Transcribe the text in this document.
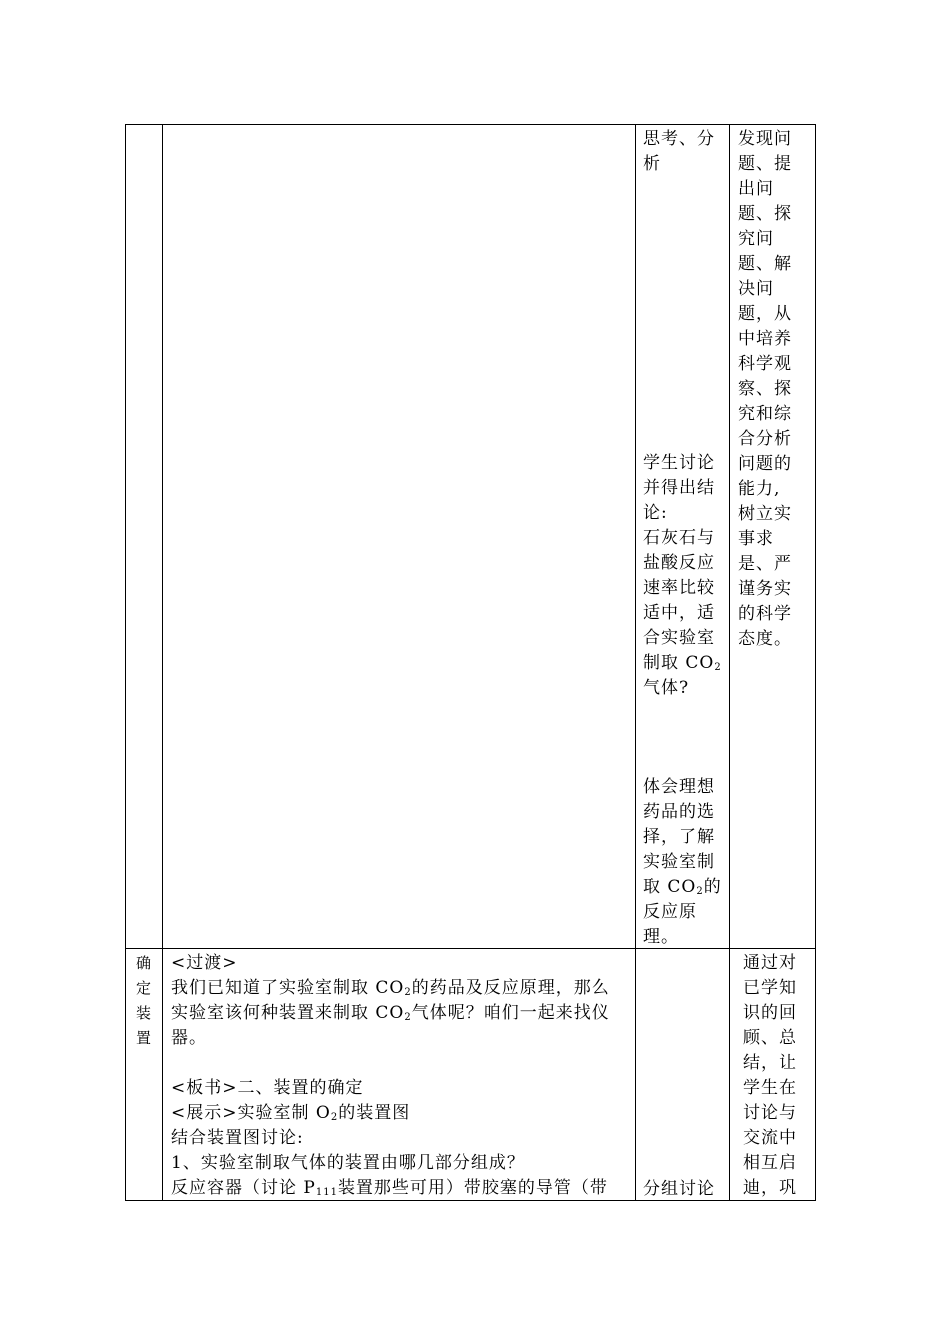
思考、分
析
学生讨论
并得出结
论:
石灰石与
盐酸反应
速率比较
适中，适
合实验室
制取 $CO_2$
气体?
体会理想
药品的选
择，了解
实验室制
取 $CO_2$的
反应原
理。
发现问
题、提
出问
题、探
究问
题、解
决问
题，从
中培养
科学观
察、探
究和综
合分析
问题的
能力,
树立实
事求
是、严
谨务实
的科学
态度。
确
定
装
置
<过渡>
我们已知道了实验室制取 $CO_2$的药品及反应原理，那么
实验室该何种装置来制取 $CO_2$气体呢？咱们一起来找仪
器。
<板书>二、装置的确定
<展示>实验室制 $O_2$的装置图
结合装置图讨论:
1、实验室制取气体的装置由哪几部分组成？
反应容器（讨论 $P_{111}$装置那些可用）带胶塞的导管（带 分组讨论
通过对
已学知
识的回
顾、总
结，让
学生在
讨论与
交流中
相互启
迪，巩
